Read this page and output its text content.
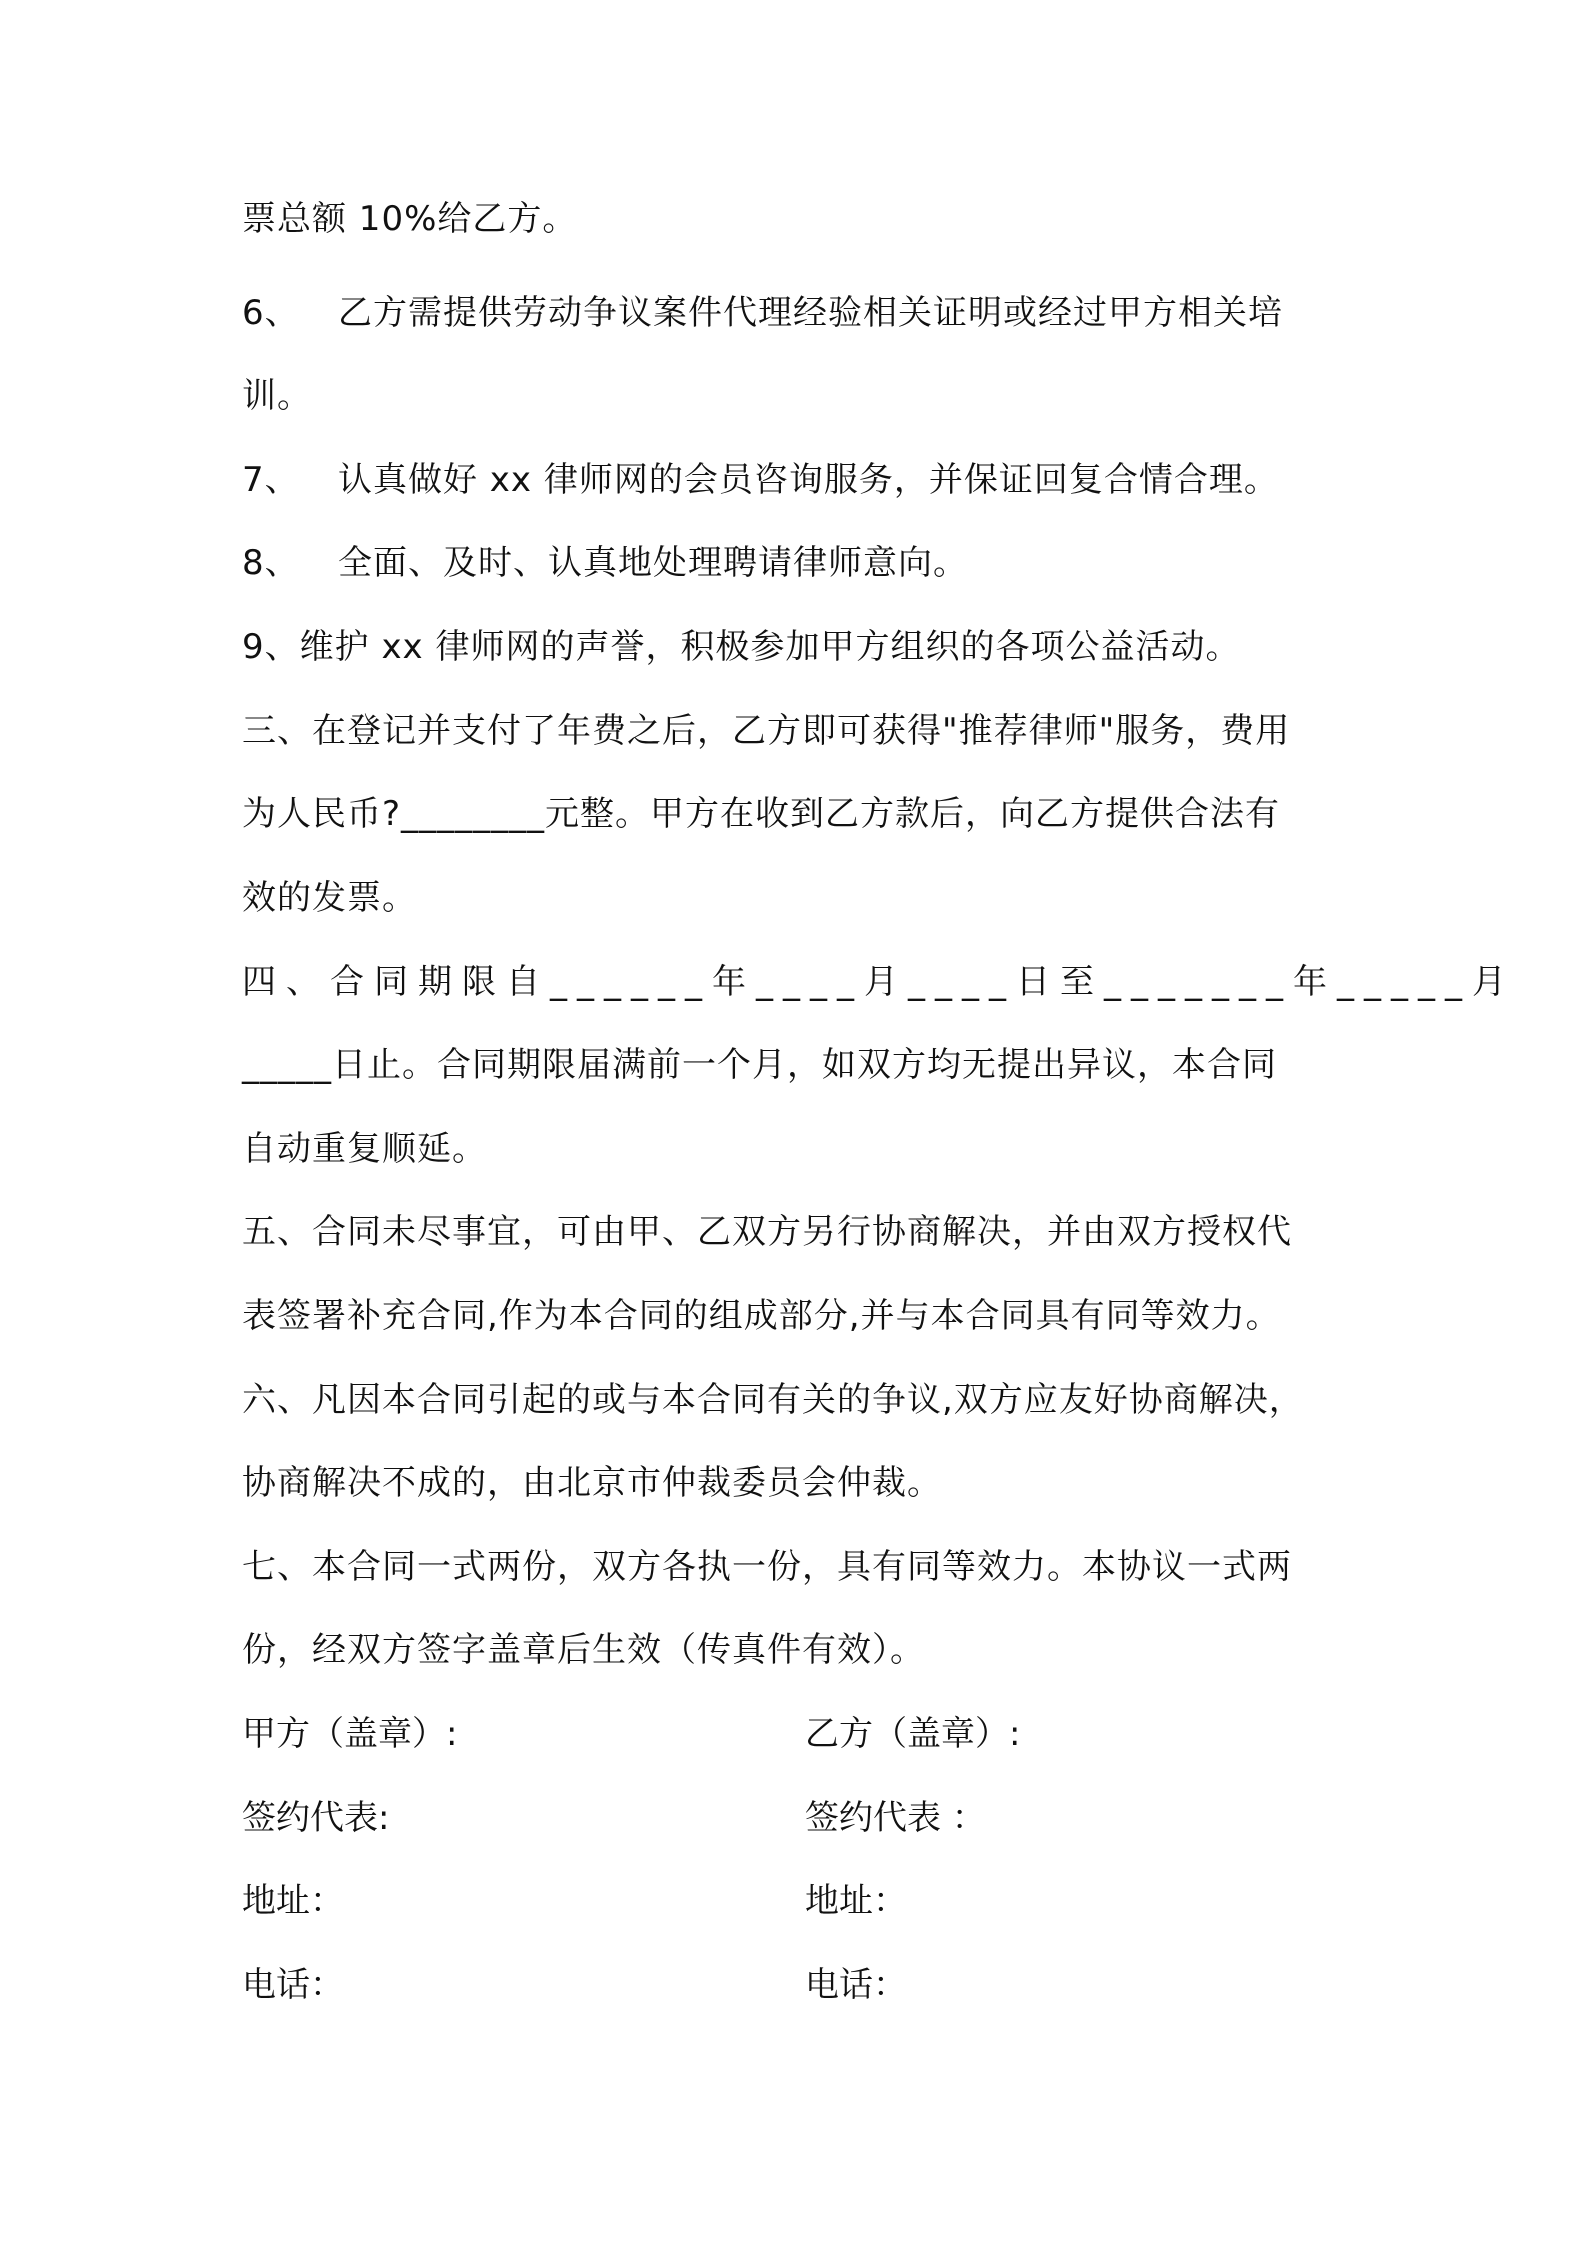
票总额 10%给乙方。
6、 乙方需提供劳动争议案件代理经验相关证明或经过甲方相关培
训。
7、 认真做好 xx 律师网的会员咨询服务，并保证回复合情合理。
8、 全面、及时、认真地处理聘请律师意向。
9、维护 xx 律师网的声誉，积极参加甲方组织的各项公益活动。
三、在登记并支付了年费之后，乙方即可获得"推荐律师"服务，费用
为人民币?________元整。甲方在收到乙方款后，向乙方提供合法有
效的发票。
四、合同期限自______年____月____日至_______年_____月
_____日止。合同期限届满前一个月，如双方均无提出异议，本合同
自动重复顺延。
五、合同未尽事宜，可由甲、乙双方另行协商解决，并由双方授权代
表签署补充合同,作为本合同的组成部分,并与本合同具有同等效力。
六、凡因本合同引起的或与本合同有关的争议,双方应友好协商解决，
协商解决不成的，由北京市仲裁委员会仲裁。
七、本合同一式两份，双方各执一份，具有同等效力。本协议一式两
份，经双方签字盖章后生效（传真件有效）。
甲方（盖章）:	乙方（盖章）:
签约代表:	签约代表 ：
地址：	地址：
电话：	电话：
